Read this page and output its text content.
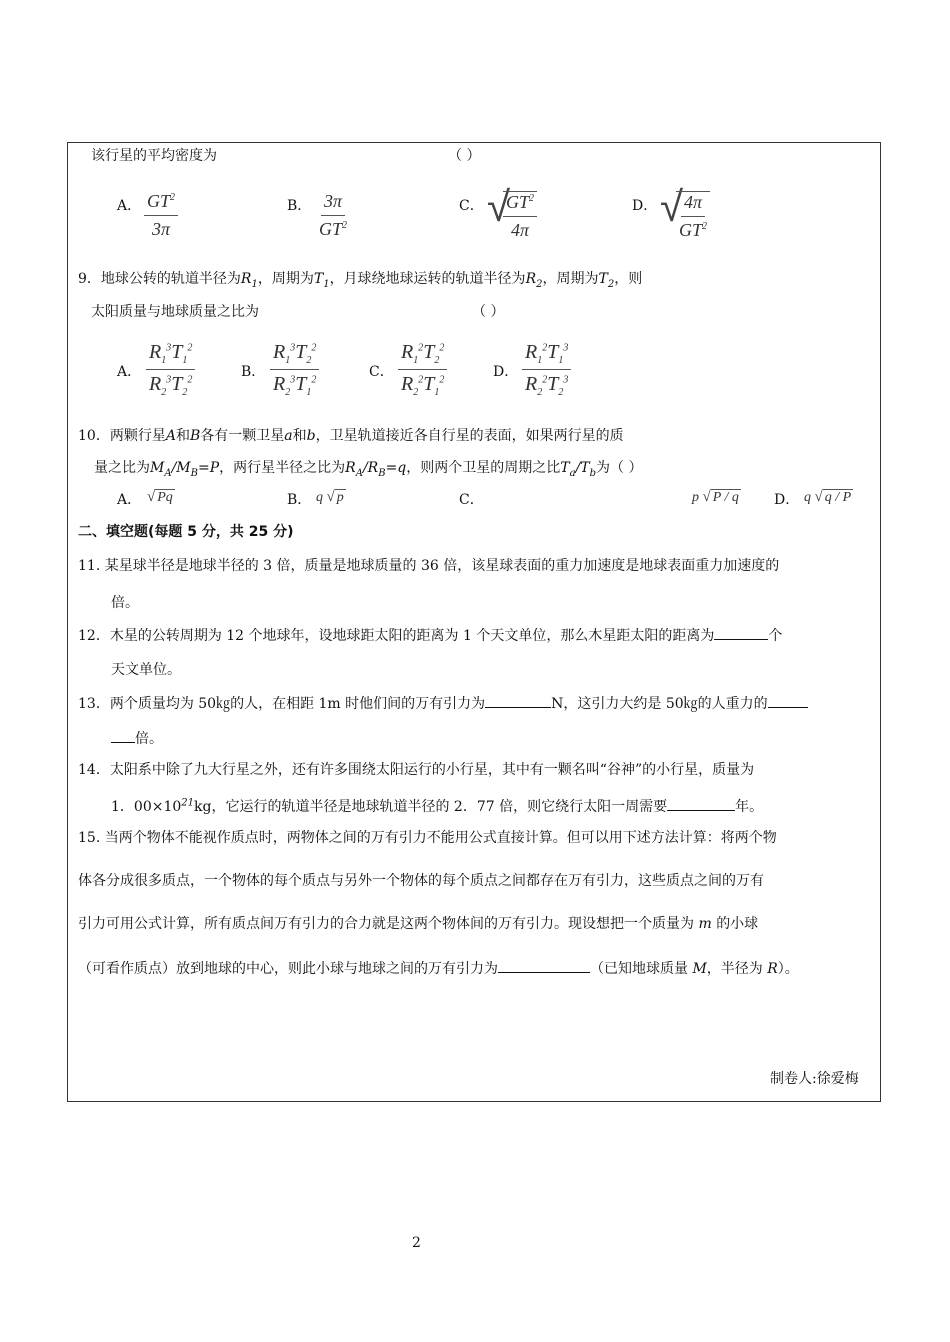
该行星的平均密度为	（ ）
A． $\frac{GT^2}{3\pi}$	B． $\frac{3\pi}{GT^2}$	C． √
$\frac{GT^2}{4\pi}$	D． √
$\frac{4\pi}{GT^2}$
9．地球公转的轨道半径为$R_1$，周期为$T_1$，月球绕地球运转的轨道半径为$R_2$，周期为$T_2$，则
太阳质量与地球质量之比为	（ ）
A． $\frac{R_1^3T_1^2}{R_2^3T_2^2}$	B． $\frac{R_1^3T_2^2}{R_2^3T_1^2}$	C． $\frac{R_1^2T_2^2}{R_2^2T_1^2}$	D． $\frac{R_1^2T_1^3}{R_2^2T_2^3}$
10．两颗行星A和B各有一颗卫星a和b，卫星轨道接近各自行星的表面，如果两行星的质
量之比为$M_A/M_B=P$，两行星半径之比为$R_A/R_B=q$，则两个卫星的周期之比$T_a/T_b$为（ ）
A． √ Pq	B． q √ p	C．	p √ P / q	D． q √ q / P
二、填空题(每题 5 分，共 25 分)
11. 某星球半径是地球半径的 3 倍，质量是地球质量的 36 倍，该星球表面的重力加速度是地球表面重力加速度的
倍。
12．木星的公转周期为 12 个地球年，设地球距太阳的距离为 1 个天文单位，那么木星距太阳的距离为	个
天文单位。
13．两个质量均为 50㎏的人，在相距 1m 时他们间的万有引力为	N，这引力大约是 50㎏的人重力的
倍。
14．太阳系中除了九大行星之外，还有许多围绕太阳运行的小行星，其中有一颗名叫“谷神”的小行星，质量为
1．$00\times 10^{21}kg$，它运行的轨道半径是地球轨道半径的 2．77 倍，则它绕行太阳一周需要	年。
15. 当两个物体不能视作质点时，两物体之间的万有引力不能用公式直接计算。但可以用下述方法计算：将两个物
体各分成很多质点，一个物体的每个质点与另外一个物体的每个质点之间都存在万有引力，这些质点之间的万有
引力可用公式计算，所有质点间万有引力的合力就是这两个物体间的万有引力。现设想把一个质量为 m 的小球
（可看作质点）放到地球的中心，则此小球与地球之间的万有引力为	（已知地球质量 M，半径为 R）。
制卷人:徐爱梅
2
